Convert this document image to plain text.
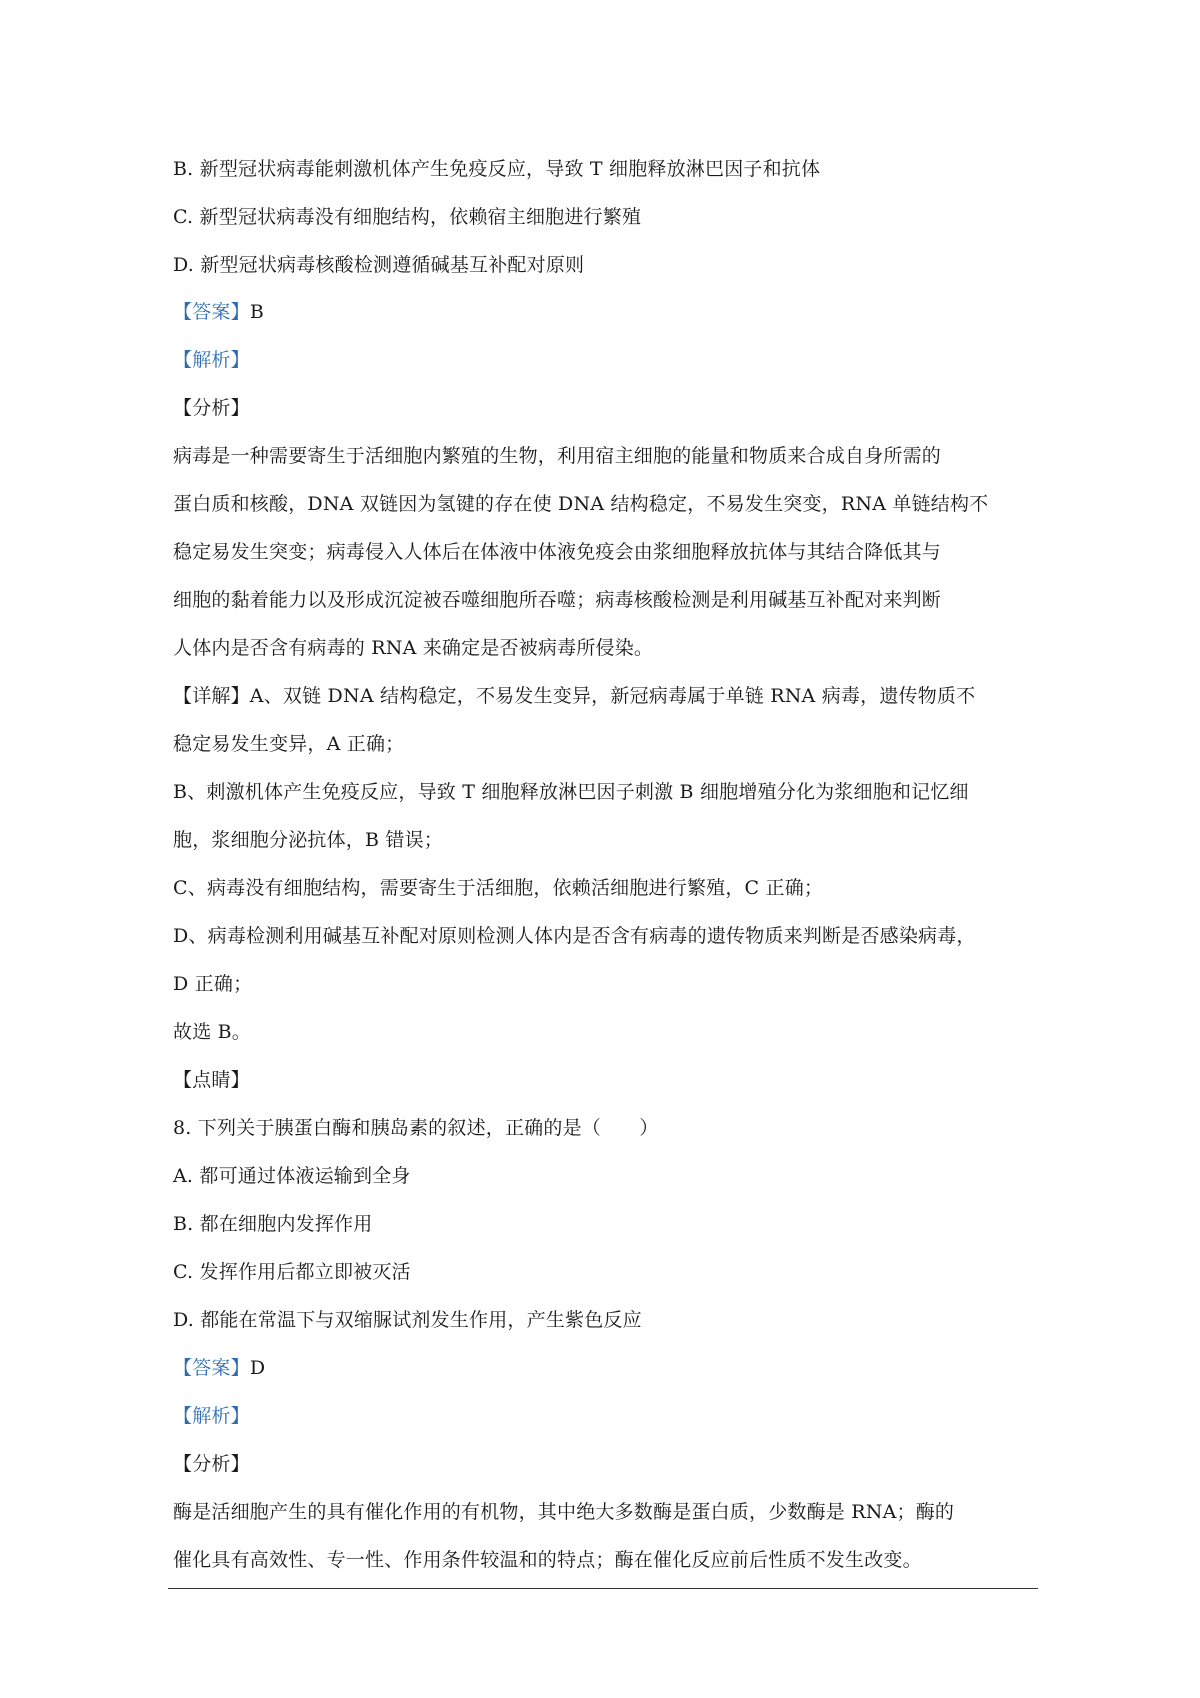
B. 新型冠状病毒能刺激机体产生免疫反应，导致 T 细胞释放淋巴因子和抗体
C. 新型冠状病毒没有细胞结构，依赖宿主细胞进行繁殖
D. 新型冠状病毒核酸检测遵循碱基互补配对原则
【答案】B
【解析】
【分析】
病毒是一种需要寄生于活细胞内繁殖的生物，利用宿主细胞的能量和物质来合成自身所需的
蛋白质和核酸，DNA 双链因为氢键的存在使 DNA 结构稳定，不易发生突变，RNA 单链结构不
稳定易发生突变；病毒侵入人体后在体液中体液免疫会由浆细胞释放抗体与其结合降低其与
细胞的黏着能力以及形成沉淀被吞噬细胞所吞噬；病毒核酸检测是利用碱基互补配对来判断
人体内是否含有病毒的 RNA 来确定是否被病毒所侵染。
【详解】A、双链 DNA 结构稳定，不易发生变异，新冠病毒属于单链 RNA 病毒，遗传物质不
稳定易发生变异，A 正确；
B、刺激机体产生免疫反应，导致 T 细胞释放淋巴因子刺激 B 细胞增殖分化为浆细胞和记忆细
胞，浆细胞分泌抗体，B 错误；
C、病毒没有细胞结构，需要寄生于活细胞，依赖活细胞进行繁殖，C 正确；
D、病毒检测利用碱基互补配对原则检测人体内是否含有病毒的遗传物质来判断是否感染病毒，
D 正确；
故选 B。
【点睛】
8. 下列关于胰蛋白酶和胰岛素的叙述，正确的是（　　）
A. 都可通过体液运输到全身
B. 都在细胞内发挥作用
C. 发挥作用后都立即被灭活
D. 都能在常温下与双缩脲试剂发生作用，产生紫色反应
【答案】D
【解析】
【分析】
酶是活细胞产生的具有催化作用的有机物，其中绝大多数酶是蛋白质，少数酶是 RNA；酶的
催化具有高效性、专一性、作用条件较温和的特点；酶在催化反应前后性质不发生改变。
